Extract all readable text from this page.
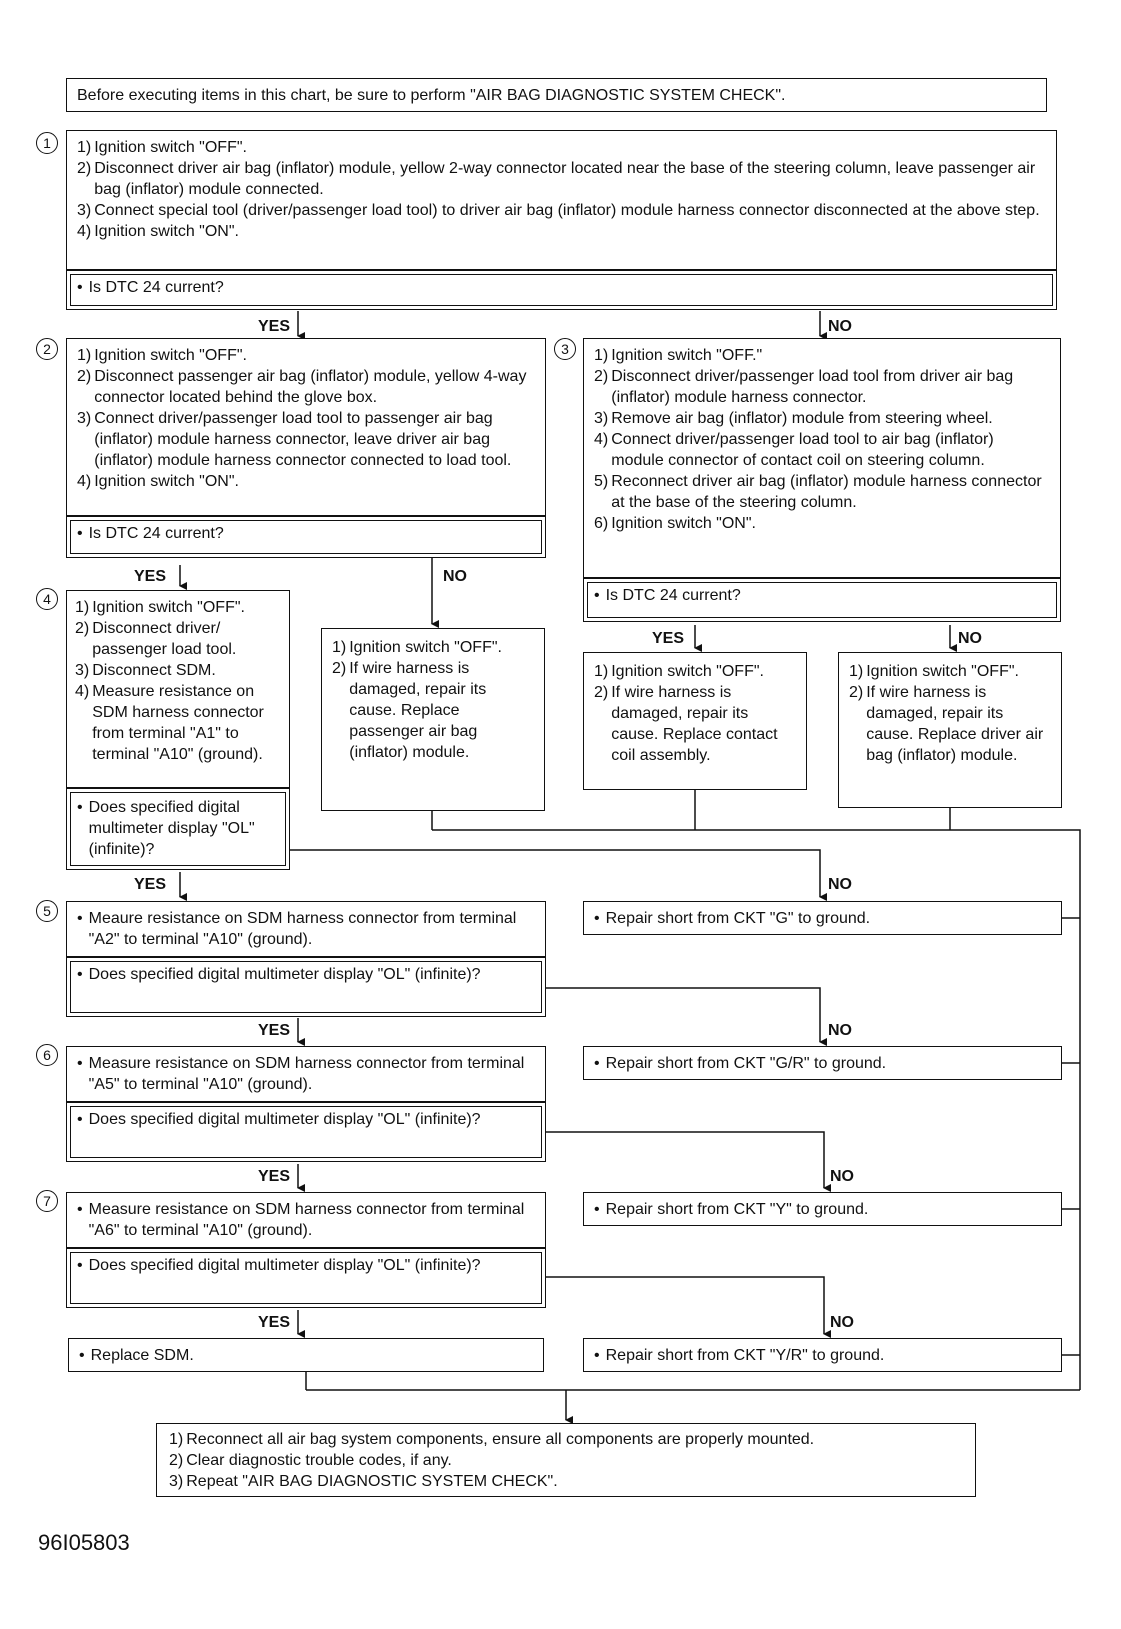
Before executing items in this chart, be sure to perform "AIR BAG DIAGNOSTIC SYSTEM CHECK".
1	1) Ignition switch "OFF".
2) Disconnect driver air bag (inflator) module, yellow 2-way connector located near the base of the steering column, leave passenger air bag (inflator) module connected.
3) Connect special tool (driver/passenger load tool) to driver air bag (inflator) module harness connector disconnected at the above step.
4) Ignition switch "ON".
• Is DTC 24 current?
YES	NO
2	1) Ignition switch "OFF".
2) Disconnect passenger air bag (inflator) module, yellow 4-way connector located behind the glove box.
3) Connect driver/passenger load tool to passenger air bag (inflator) module harness connector, leave driver air bag (inflator) module harness connector connected to load tool.
4) Ignition switch "ON".
• Is DTC 24 current?
YES	NO
3	1) Ignition switch "OFF."
2) Disconnect driver/passenger load tool from driver air bag (inflator) module harness connector.
3) Remove air bag (inflator) module from steering wheel.
4) Connect driver/passenger load tool to air bag (inflator) module connector of contact coil on steering column.
5) Reconnect driver air bag (inflator) module harness connector at the base of the steering column.
6) Ignition switch "ON".
• Is DTC 24 current?
YES	NO
4	1) Ignition switch "OFF".
2) Disconnect driver/ passenger load tool.
3) Disconnect SDM.
4) Measure resistance on SDM harness connector from terminal "A1" to terminal "A10" (ground).
• Does specified digital multimeter display "OL" (infinite)?
YES	NO
1) Ignition switch "OFF".
2) If wire harness is damaged, repair its cause. Replace passenger air bag (inflator) module.
1) Ignition switch "OFF".
2) If wire harness is damaged, repair its cause. Replace contact coil assembly.
1) Ignition switch "OFF".
2) If wire harness is damaged, repair its cause. Replace driver air bag (inflator) module.
5	• Meaure resistance on SDM harness connector from terminal "A2" to terminal "A10" (ground).
• Does specified digital multimeter display "OL" (infinite)?
• Repair short from CKT "G" to ground.
YES	NO
6	• Measure resistance on SDM harness connector from terminal "A5" to terminal "A10" (ground).
• Does specified digital multimeter display "OL" (infinite)?
• Repair short from CKT "G/R" to ground.
YES	NO
7	• Measure resistance on SDM harness connector from terminal "A6" to terminal "A10" (ground).
• Does specified digital multimeter display "OL" (infinite)?
• Repair short from CKT "Y" to ground.
YES	NO
• Replace SDM.	• Repair short from CKT "Y/R" to ground.
1) Reconnect all air bag system components, ensure all components are properly mounted.
2) Clear diagnostic trouble codes, if any.
3) Repeat "AIR BAG DIAGNOSTIC SYSTEM CHECK".
96I05803
